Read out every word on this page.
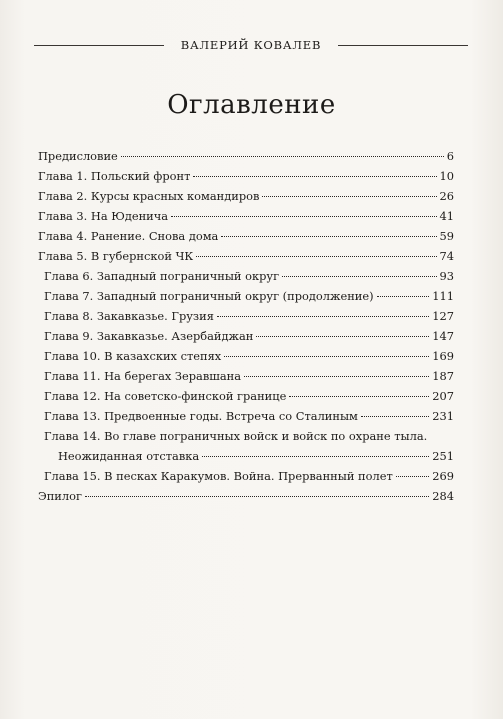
ВАЛЕРИЙ КОВАЛЕВ
Оглавление
Предисловие	6
Глава 1. Польский фронт	10
Глава 2. Курсы красных командиров	26
Глава 3. На Юденича	41
Глава 4. Ранение. Снова дома	59
Глава 5. В губернской ЧК	74
Глава 6. Западный пограничный округ	93
Глава 7. Западный пограничный округ (продолжение)	111
Глава 8. Закавказье. Грузия	127
Глава 9. Закавказье. Азербайджан	147
Глава 10. В казахских степях	169
Глава 11. На берегах Зеравшана	187
Глава 12. На советско-финской границе	207
Глава 13. Предвоенные годы. Встреча со Сталиным	231
Глава 14. Во главе пограничных войск и войск по охране тыла.
Неожиданная отставка	251
Глава 15. В песках Каракумов. Война. Прерванный полет	269
Эпилог	284
